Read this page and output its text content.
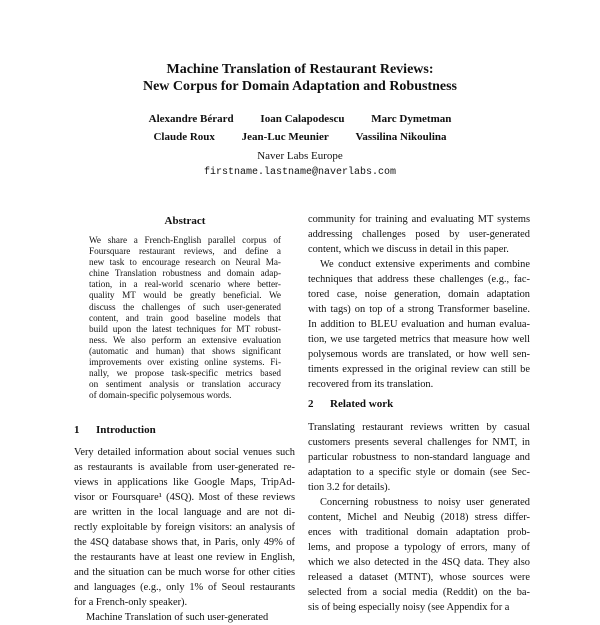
Machine Translation of Restaurant Reviews:
New Corpus for Domain Adaptation and Robustness
Alexandre Bérard Ioan Calapodescu Marc Dymetman
Claude Roux Jean-Luc Meunier Vassilina Nikoulina
Naver Labs Europe
firstname.lastname@naverlabs.com
Abstract
We share a French-English parallel corpus of
Foursquare restaurant reviews, and define a
new task to encourage research on Neural Ma-
chine Translation robustness and domain adap-
tation, in a real-world scenario where better-
quality MT would be greatly beneficial. We
discuss the challenges of such user-generated
content, and train good baseline models that
build upon the latest techniques for MT robust-
ness. We also perform an extensive evaluation
(automatic and human) that shows significant
improvements over existing online systems. Fi-
nally, we propose task-specific metrics based
on sentiment analysis or translation accuracy
of domain-specific polysemous words.
1 Introduction
Very detailed information about social venues such
as restaurants is available from user-generated re-
views in applications like Google Maps, TripAd-
visor or Foursquare¹ (4SQ). Most of these reviews
are written in the local language and are not di-
rectly exploitable by foreign visitors: an analysis of
the 4SQ database shows that, in Paris, only 49% of
the restaurants have at least one review in English,
and the situation can be much worse for other cities
and languages (e.g., only 1% of Seoul restaurants
for a French-only speaker).
Machine Translation of such user-generated
community for training and evaluating MT systems
addressing challenges posed by user-generated
content, which we discuss in detail in this paper.
We conduct extensive experiments and combine
techniques that address these challenges (e.g., fac-
tored case, noise generation, domain adaptation
with tags) on top of a strong Transformer baseline.
In addition to BLEU evaluation and human evalua-
tion, we use targeted metrics that measure how well
polysemous words are translated, or how well sen-
timents expressed in the original review can still be
recovered from its translation.
2 Related work
Translating restaurant reviews written by casual
customers presents several challenges for NMT, in
particular robustness to non-standard language and
adaptation to a specific style or domain (see Sec-
tion 3.2 for details).
Concerning robustness to noisy user generated
content, Michel and Neubig (2018) stress differ-
ences with traditional domain adaptation prob-
lems, and propose a typology of errors, many of
which we also detected in the 4SQ data. They also
released a dataset (MTNT), whose sources were
selected from a social media (Reddit) on the ba-
sis of being especially noisy (see Appendix for a
